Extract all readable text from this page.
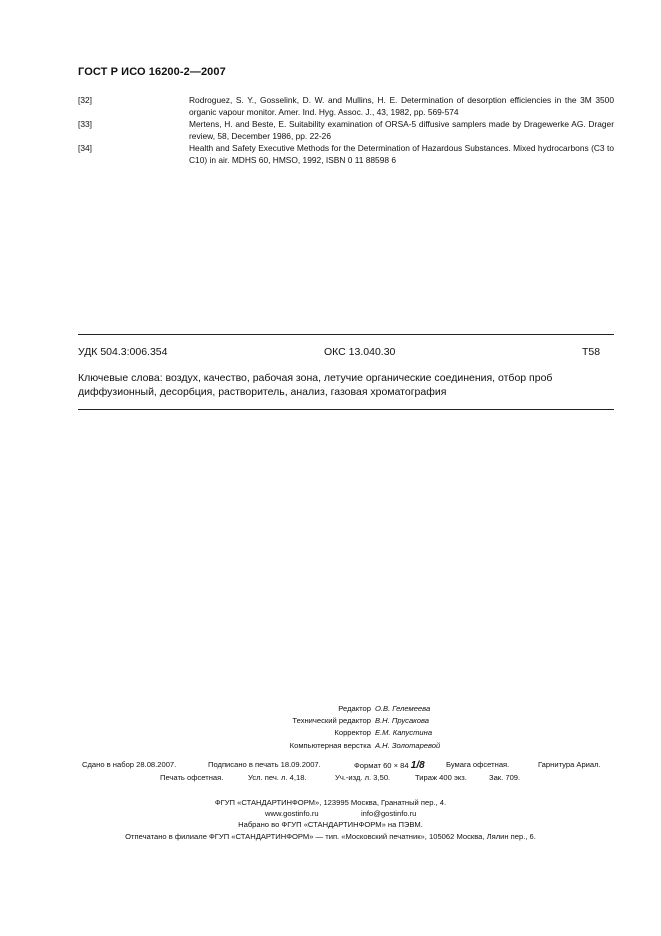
ГОСТ Р ИСО 16200-2—2007
[32]	Rodroguez, S. Y., Gosselink, D. W. and Mullins, H. E. Determination of desorption efficiencies in the 3M 3500 organic vapour monitor. Amer. Ind. Hyg. Assoc. J., 43, 1982, pp. 569-574
[33]	Mertens, H. and Beste, E. Suitability examination of ORSA-5 diffusive samplers made by Dragewerke AG. Drager review, 58, December 1986, pp. 22-26
[34]	Health and Safety Executive Methods for the Determination of Hazardous Substances. Mixed hydrocarbons (C3 to C10) in air. MDHS 60, HMSO, 1992, ISBN 0 11 88598 6
УДК 504.3:006.354	ОКС 13.040.30	Т58
Ключевые слова: воздух, качество, рабочая зона, летучие органические соединения, отбор проб диффузионный, десорбция, растворитель, анализ, газовая хроматография
Редактор О.В. Гелемеева
Технический редактор В.Н. Прусакова
Корректор Е.М. Капустина
Компьютерная верстка А.Н. Золотаревой
Сдано в набор 28.08.2007.	Подписано в печать 18.09.2007.	Формат 60 × 84 1/8	Бумага офсетная.	Гарнитура Ариал.
Печать офсетная.	Усл. печ. л. 4,18.	Уч.-изд. л. 3,50.	Тираж 400 экз.	Зак. 709.
ФГУП «СТАНДАРТИНФОРМ», 123995 Москва, Гранатный пер., 4.
www.gostinfo.ru	info@gostinfo.ru
Набрано во ФГУП «СТАНДАРТИНФОРМ» на ПЭВМ.
Отпечатано в филиале ФГУП «СТАНДАРТИНФОРМ» — тип. «Московский печатник», 105062 Москва, Лялин пер., 6.
